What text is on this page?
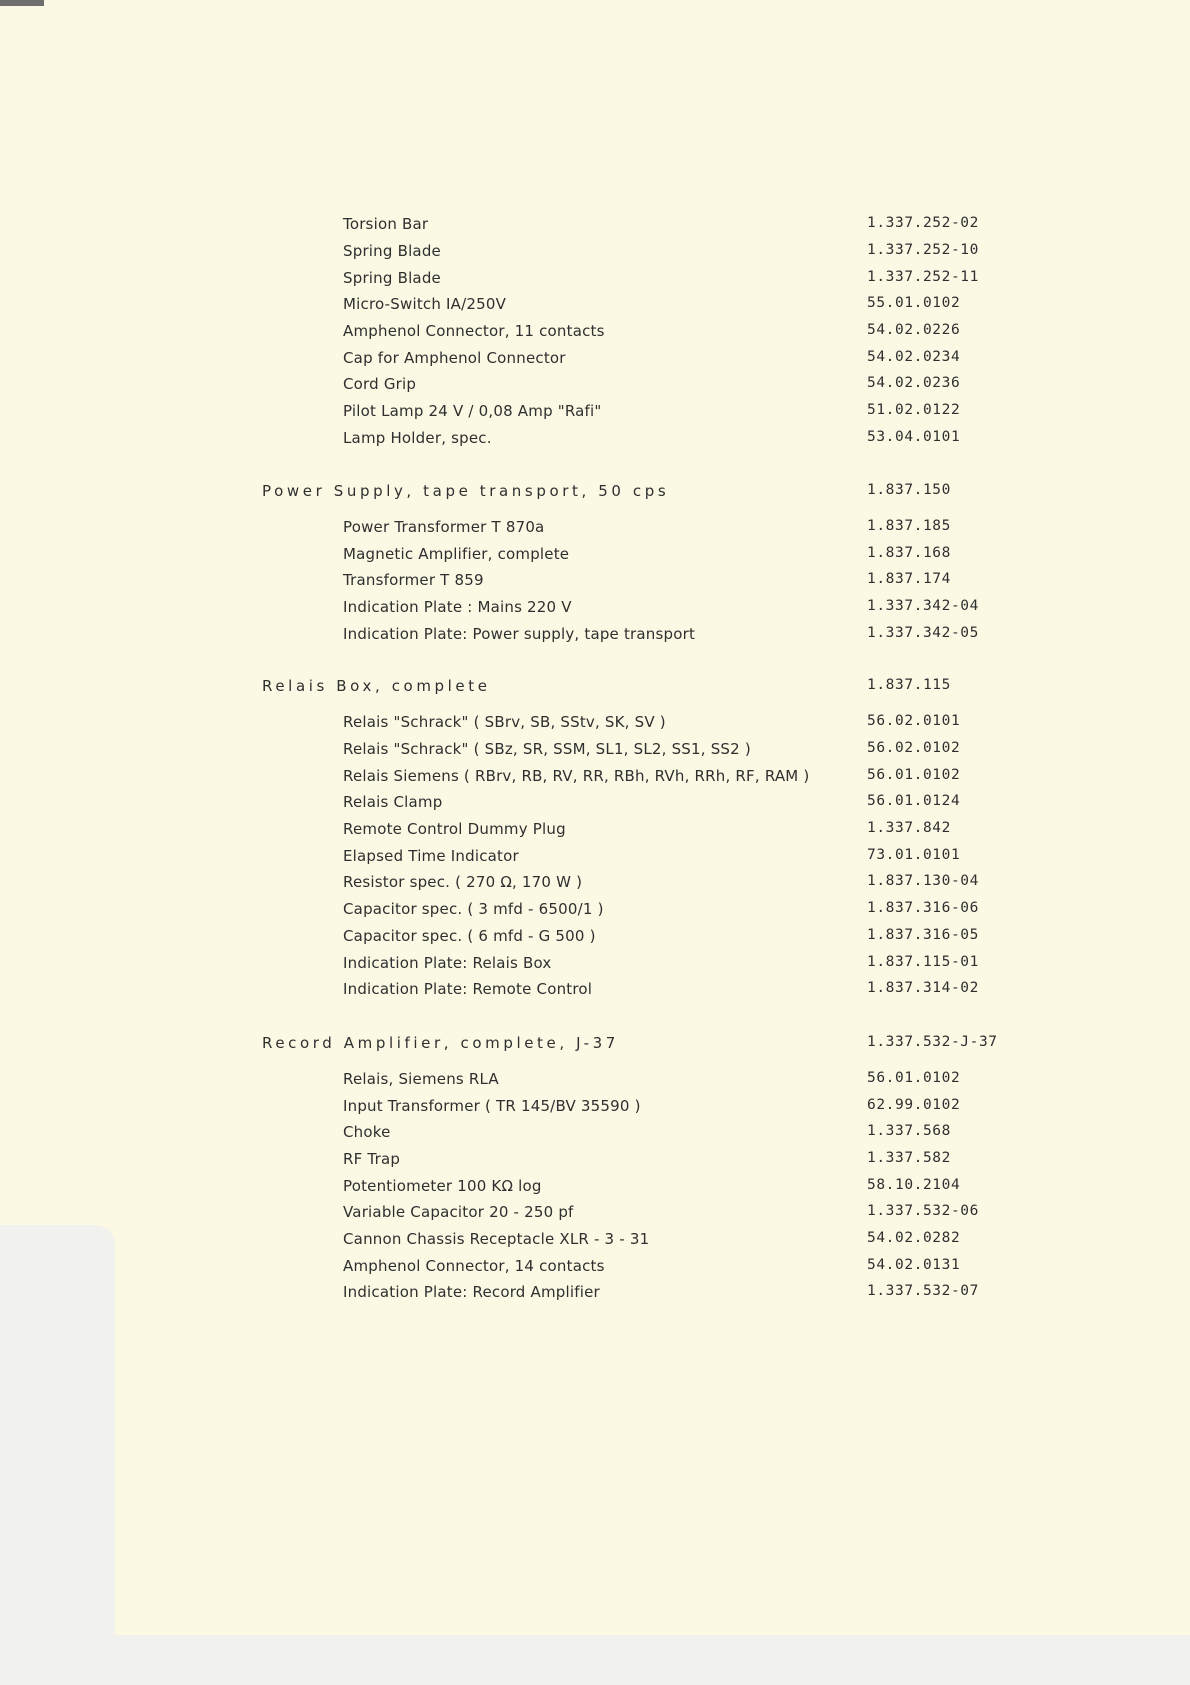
Torsion Bar	1.337.252-02
Spring Blade	1.337.252-10
Spring Blade	1.337.252-11
Micro-Switch IA/250V	55.01.0102
Amphenol Connector, 11 contacts	54.02.0226
Cap for Amphenol Connector	54.02.0234
Cord Grip	54.02.0236
Pilot Lamp 24 V / 0,08 Amp "Rafi"	51.02.0122
Lamp Holder, spec.	53.04.0101
Power Supply, tape transport, 50 cps	1.837.150
Power Transformer T 870a	1.837.185
Magnetic Amplifier, complete	1.837.168
Transformer T 859	1.837.174
Indication Plate : Mains 220 V	1.337.342-04
Indication Plate: Power supply, tape transport	1.337.342-05
Relais Box, complete	1.837.115
Relais "Schrack" ( SBrv, SB, SStv, SK, SV )	56.02.0101
Relais "Schrack" ( SBz, SR, SSM, SL1, SL2, SS1, SS2 )	56.02.0102
Relais Siemens ( RBrv, RB, RV, RR, RBh, RVh, RRh, RF, RAM )	56.01.0102
Relais Clamp	56.01.0124
Remote Control Dummy Plug	1.337.842
Elapsed Time Indicator	73.01.0101
Resistor spec. ( 270 Ω, 170 W )	1.837.130-04
Capacitor spec. ( 3 mfd - 6500/1 )	1.837.316-06
Capacitor spec. ( 6 mfd - G 500 )	1.837.316-05
Indication Plate: Relais Box	1.837.115-01
Indication Plate: Remote Control	1.837.314-02
Record Amplifier, complete, J-37	1.337.532-J-37
Relais, Siemens RLA	56.01.0102
Input Transformer ( TR 145/BV 35590 )	62.99.0102
Choke	1.337.568
RF Trap	1.337.582
Potentiometer 100 KΩ log	58.10.2104
Variable Capacitor 20 - 250 pf	1.337.532-06
Cannon Chassis Receptacle XLR - 3 - 31	54.02.0282
Amphenol Connector, 14 contacts	54.02.0131
Indication Plate: Record Amplifier	1.337.532-07
